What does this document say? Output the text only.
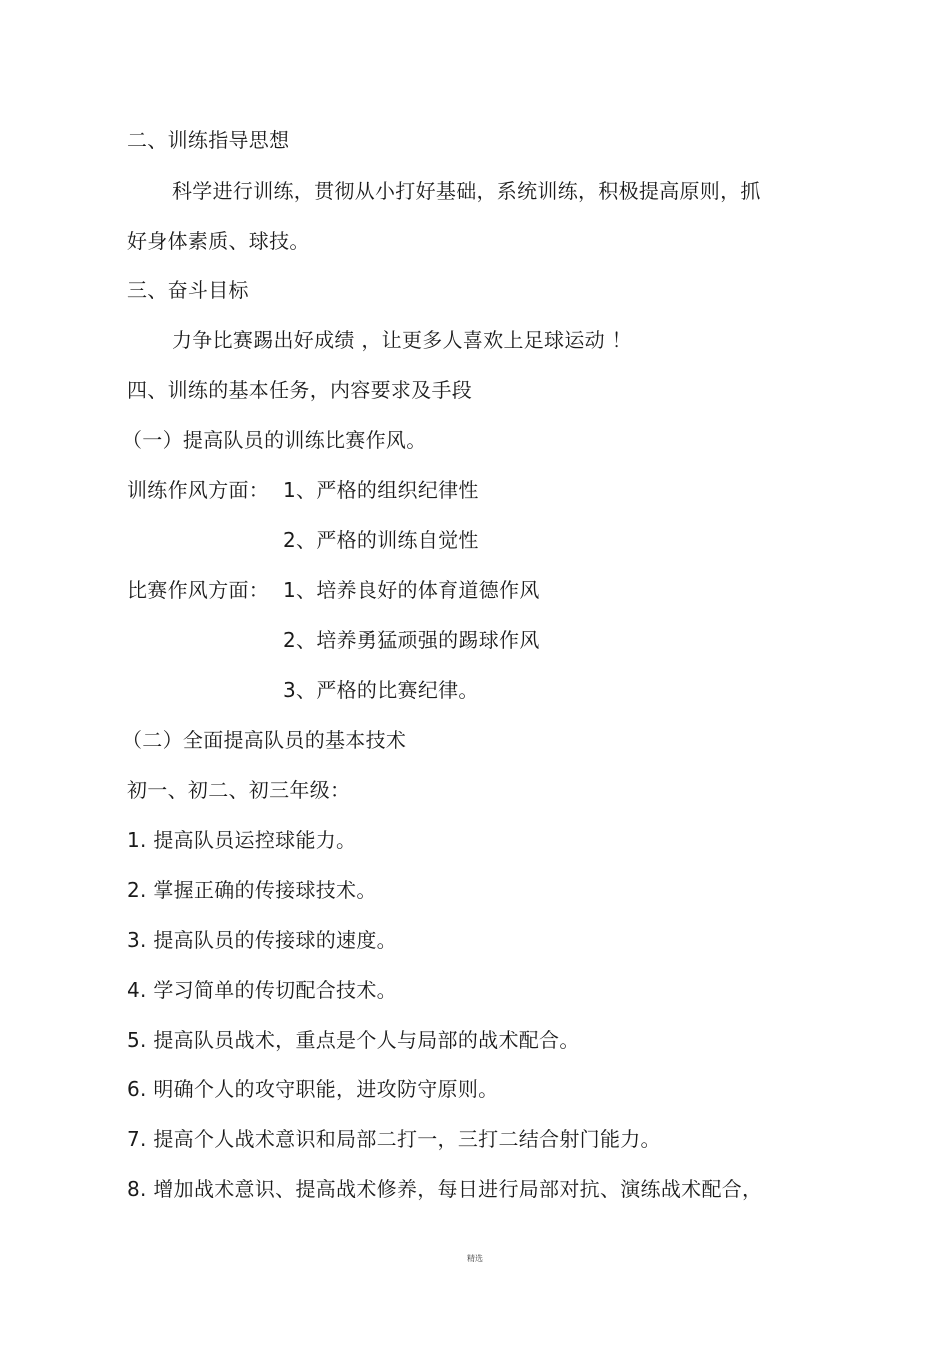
二、训练指导思想
科学进行训练，贯彻从小打好基础，系统训练，积极提高原则，抓
好身体素质、球技。
三、奋斗目标
力争比赛踢出好成绩 ，让更多人喜欢上足球运动 ！
四、训练的基本任务，内容要求及手段
（一）提高队员的训练比赛作风。
训练作风方面： 1、严格的组织纪律性
2、严格的训练自觉性
比赛作风方面： 1、培养良好的体育道德作风
2、培养勇猛顽强的踢球作风
3、严格的比赛纪律。
（二）全面提高队员的基本技术
初一、初二、初三年级：
1. 提高队员运控球能力。
2. 掌握正确的传接球技术。
3. 提高队员的传接球的速度。
4. 学习简单的传切配合技术。
5. 提高队员战术，重点是个人与局部的战术配合。
6. 明确个人的攻守职能，进攻防守原则。
7. 提高个人战术意识和局部二打一，三打二结合射门能力。
8. 增加战术意识、提高战术修养，每日进行局部对抗、演练战术配合，
精选
